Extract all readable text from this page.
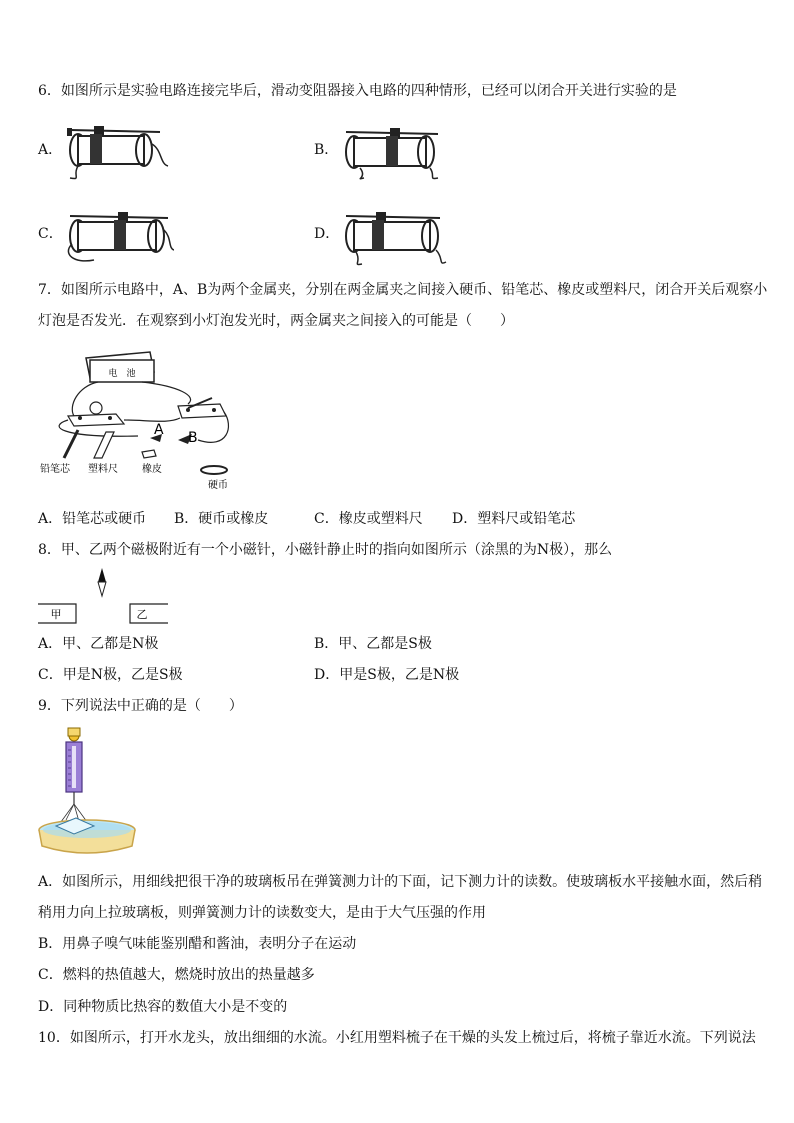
6．如图所示是实验电路连接完毕后，滑动变阻器接入电路的四种情形，已经可以闭合开关进行实验的是
A．	B．
C．	D．
7．如图所示电路中，A、B为两个金属夹，分别在两金属夹之间接入硬币、铅笔芯、橡皮或塑料尺，闭合开关后观察小
灯泡是否发光．在观察到小灯泡发光时，两金属夹之间接入的可能是（　　）
电　池
A B
铅笔芯 塑料尺 橡皮
硬币
A．铅笔芯或硬币 B．硬币或橡皮	C．橡皮或塑料尺 D．塑料尺或铅笔芯
8．甲、乙两个磁极附近有一个小磁针，小磁针静止时的指向如图所示（涂黑的为N极），那么
甲	乙
A．甲、乙都是N极	B．甲、乙都是S极
C．甲是N极，乙是S极	D．甲是S极，乙是N极
9．下列说法中正确的是（　　）
A．如图所示，用细线把很干净的玻璃板吊在弹簧测力计的下面，记下测力计的读数。使玻璃板水平接触水面，然后稍
稍用力向上拉玻璃板，则弹簧测力计的读数变大，是由于大气压强的作用
B．用鼻子嗅气味能鉴别醋和酱油，表明分子在运动
C．燃料的热值越大，燃烧时放出的热量越多
D．同种物质比热容的数值大小是不变的
10．如图所示，打开水龙头，放出细细的水流。小红用塑料梳子在干燥的头发上梳过后，将梳子靠近水流。下列说法
